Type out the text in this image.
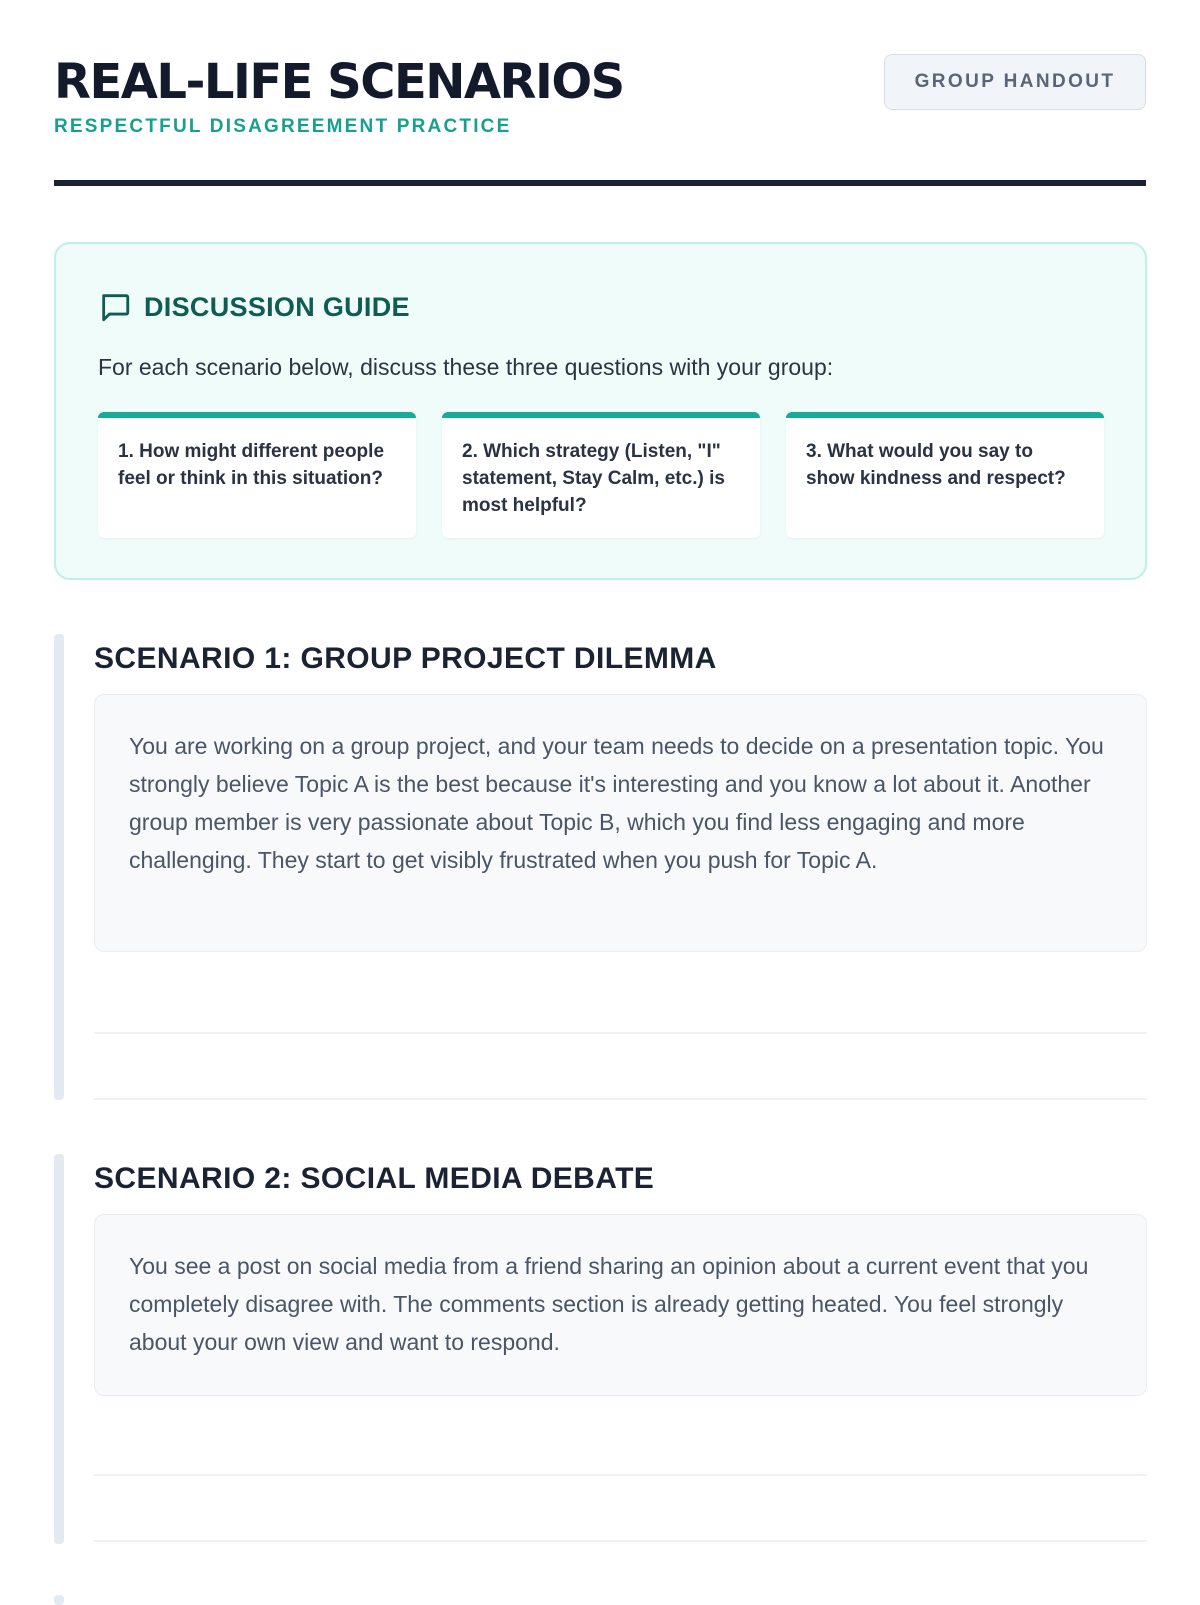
REAL-LIFE SCENARIOS
RESPECTFUL DISAGREEMENT PRACTICE
GROUP HANDOUT
DISCUSSION GUIDE
For each scenario below, discuss these three questions with your group:
1. How might different people feel or think in this situation?
2. Which strategy (Listen, "I" statement, Stay Calm, etc.) is most helpful?
3. What would you say to show kindness and respect?
SCENARIO 1: GROUP PROJECT DILEMMA
You are working on a group project, and your team needs to decide on a presentation topic. You strongly believe Topic A is the best because it's interesting and you know a lot about it. Another group member is very passionate about Topic B, which you find less engaging and more challenging. They start to get visibly frustrated when you push for Topic A.
SCENARIO 2: SOCIAL MEDIA DEBATE
You see a post on social media from a friend sharing an opinion about a current event that you completely disagree with. The comments section is already getting heated. You feel strongly about your own view and want to respond.
